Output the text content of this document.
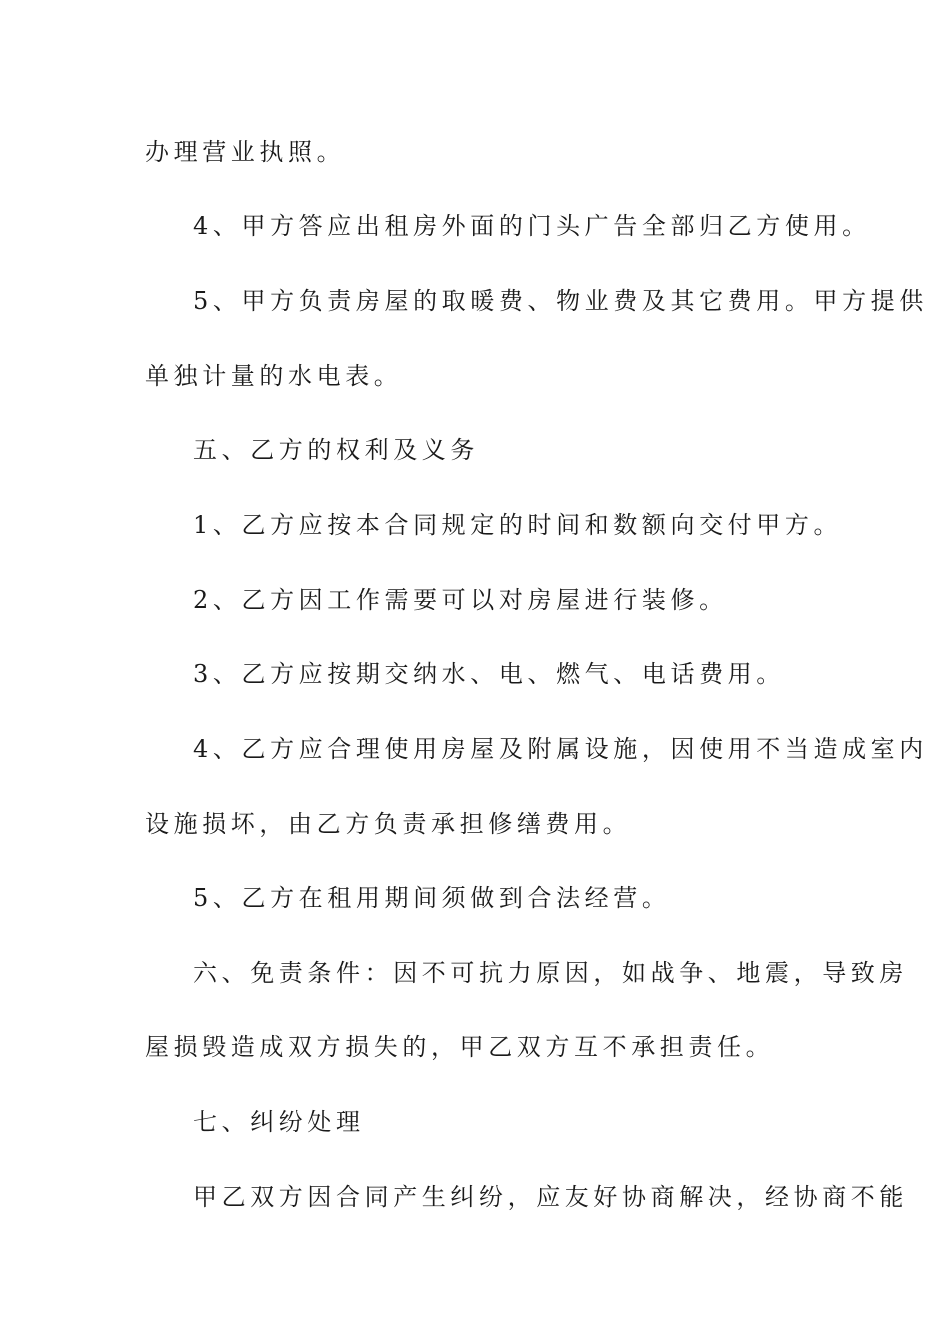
办理营业执照。
4、甲方答应出租房外面的门头广告全部归乙方使用。
5、甲方负责房屋的取暖费、物业费及其它费用。甲方提供
单独计量的水电表。
五、乙方的权利及义务
1、乙方应按本合同规定的时间和数额向交付甲方。
2、乙方因工作需要可以对房屋进行装修。
3、乙方应按期交纳水、电、燃气、电话费用。
4、乙方应合理使用房屋及附属设施，因使用不当造成室内
设施损坏，由乙方负责承担修缮费用。
5、乙方在租用期间须做到合法经营。
六、免责条件：因不可抗力原因，如战争、地震，导致房
屋损毁造成双方损失的，甲乙双方互不承担责任。
七、纠纷处理
甲乙双方因合同产生纠纷，应友好协商解决，经协商不能
